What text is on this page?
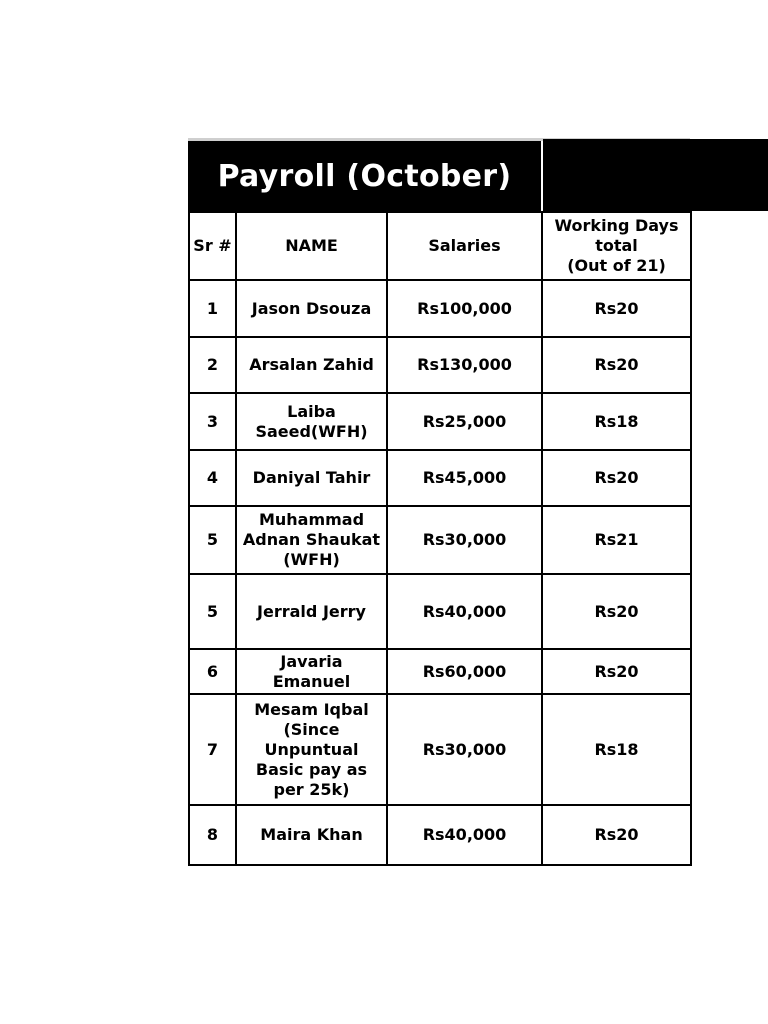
Payroll (October)
Sr #	NAME	Salaries	Working Days
total
(Out of 21)

1	Jason Dsouza	Rs100,000	Rs20
2	Arsalan Zahid	Rs130,000	Rs20
3	Laiba Saeed(WFH)	Rs25,000	Rs18
4	Daniyal Tahir	Rs45,000	Rs20
5	Muhammad Adnan Shaukat (WFH)	Rs30,000	Rs21
5	Jerrald Jerry	Rs40,000	Rs20
6	Javaria Emanuel	Rs60,000	Rs20
7	Mesam Iqbal (Since Unpuntual Basic pay as per 25k)	Rs30,000	Rs18
8	Maira Khan	Rs40,000	Rs20
